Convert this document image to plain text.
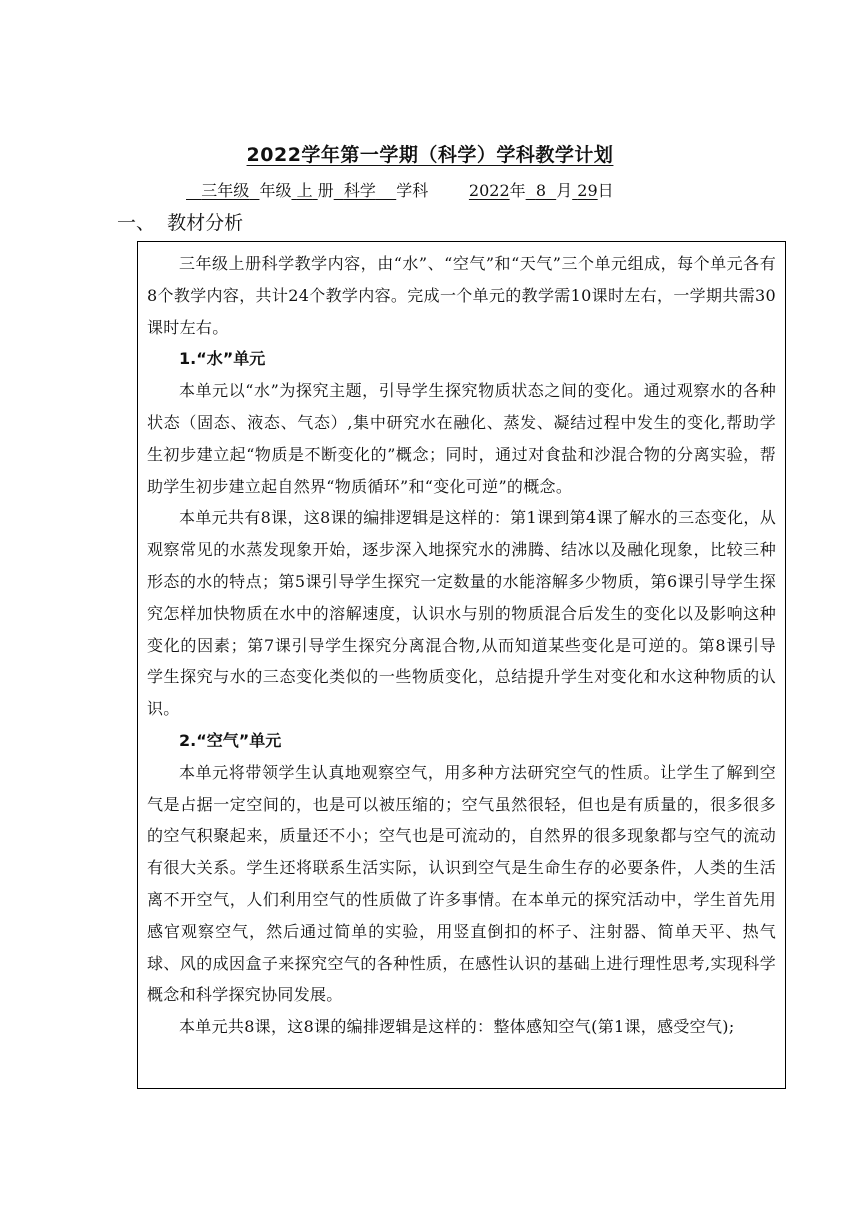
2022学年第一学期（科学）学科教学计划
三年级 年级 上 册 科学 学科	2022年 8 月 29日
一、  教材分析

三年级上册科学教学内容，由“水”、“空气”和“天气”三个单元组成，每个单元各有8个教学内容，共计24个教学内容。完成一个单元的教学需10课时左右，一学期共需30课时左右。

1.“水”单元

本单元以“水”为探究主题，引导学生探究物质状态之间的变化。通过观察水的各种状态（固态、液态、气态）,集中研究水在融化、蒸发、凝结过程中发生的变化,帮助学生初步建立起“物质是不断变化的”概念；同时，通过对食盐和沙混合物的分离实验，帮助学生初步建立起自然界“物质循环”和“变化可逆”的概念。

本单元共有8课，这8课的编排逻辑是这样的：第1课到第4课了解水的三态变化，从观察常见的水蒸发现象开始，逐步深入地探究水的沸腾、结冰以及融化现象，比较三种形态的水的特点；第5课引导学生探究一定数量的水能溶解多少物质，第6课引导学生探究怎样加快物质在水中的溶解速度，认识水与别的物质混合后发生的变化以及影响这种变化的因素；第7课引导学生探究分离混合物,从而知道某些变化是可逆的。第8课引导学生探究与水的三态变化类似的一些物质变化，总结提升学生对变化和水这种物质的认识。

2.“空气”单元

本单元将带领学生认真地观察空气，用多种方法研究空气的性质。让学生了解到空气是占据一定空间的，也是可以被压缩的；空气虽然很轻，但也是有质量的，很多很多的空气积聚起来，质量还不小；空气也是可流动的，自然界的很多现象都与空气的流动有很大关系。学生还将联系生活实际，认识到空气是生命生存的必要条件，人类的生活离不开空气，人们利用空气的性质做了许多事情。在本单元的探究活动中，学生首先用感官观察空气，然后通过简单的实验，用竖直倒扣的杯子、注射器、简单天平、热气球、风的成因盒子来探究空气的各种性质，在感性认识的基础上进行理性思考,实现科学概念和科学探究协同发展。

本单元共8课，这8课的编排逻辑是这样的：整体感知空气(第1课，感受空气);
